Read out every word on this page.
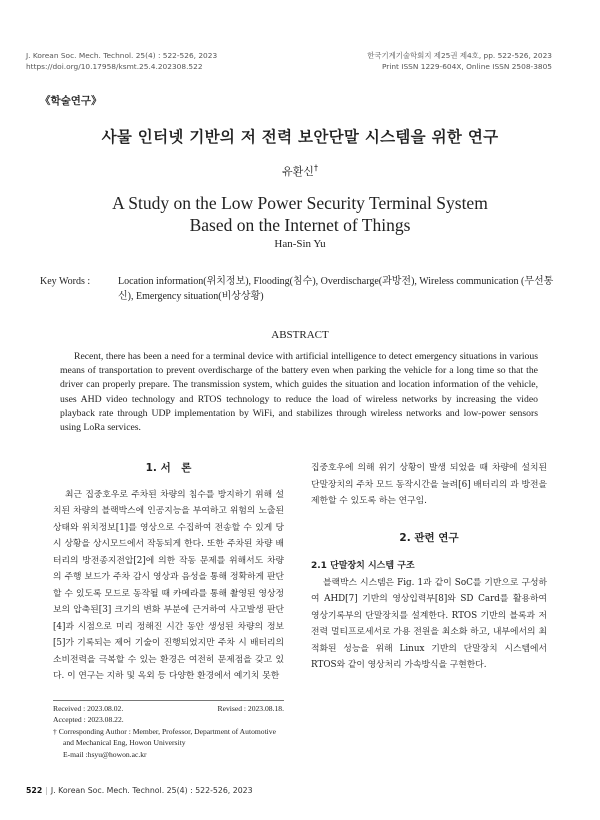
J. Korean Soc. Mech. Technol. 25(4) : 522-526, 2023
https://doi.org/10.17958/ksmt.25.4.202308.522
한국기계기술학회지 제25권 제4호, pp. 522-526, 2023
Print ISSN 1229-604X, Online ISSN 2508-3805
《학술연구》
사물 인터넷 기반의 저 전력 보안단말 시스템을 위한 연구
유환신†
A Study on the Low Power Security Terminal System
Based on the Internet of Things
Han-Sin Yu
Key Words :	Location information(위치정보), Flooding(침수), Overdischarge(과방전), Wireless communication (무선통신), Emergency situation(비상상황)
ABSTRACT

Recent, there has been a need for a terminal device with artificial intelligence to detect emergency situations in various means of transportation to prevent overdischarge of the battery even when parking the vehicle for a long time so that the driver can properly prepare. The transmission system, which guides the situation and location information of the vehicle, uses AHD video technology and RTOS technology to reduce the load of wireless networks by increasing the video playback rate through UDP implementation by WiFi, and stabilizes through wireless networks and low-power sensors using LoRa services.

1. 서　론

최근 집중호우로 주차된 차량의 침수를 방지하기 위해 설치된 차량의 블랙박스에 인공지능을 부여하고 위험의 노출된 상태와 위치정보[1]를 영상으로 수집하여 전송할 수 있게 당시 상황을 상시모드에서 작동되게 한다. 또한 주차된 차량 배터리의 방전종지전압[2]에 의한 작동 문제를 위해서도 차량의 주행 보드가 주차 감시 영상과 음성을 통해 정확하게 판단할 수 있도록 모드로 동작될 때 카메라를 통해 촬영된 영상정보의 압축된[3] 크기의 변화 부분에 근거하여 사고발생 판단[4]과 시점으로 미리 정해진 시간 동안 생성된 차량의 정보[5]가 기록되는 제어 기술이 진행되었지만 주차 시 배터리의 소비전력을 극복할 수 있는 환경은 여전히 문제점을 갖고 있다. 이 연구는 지하 및 옥외 등 다양한 환경에서 예기치 못한

Received : 2023.08.02.	Revised : 2023.08.18.
Accepted : 2023.08.22.
† Corresponding Author : Member, Professor, Department of Automotive and Mechanical Eng, Howon University
E-mail :hsyu@howon.ac.kr

집중호우에 의해 위기 상황이 발생 되었을 때 차량에 설치된 단말장치의 주차 모드 동작시간을 늘려[6] 배터리의 과 방전을 제한할 수 있도록 하는 연구임.

2. 관련 연구

2.1 단말장치 시스템 구조

블랙박스 시스템은 Fig. 1과 같이 SoC를 기반으로 구성하여 AHD[7] 기반의 영상입력부[8]와 SD Card를 활용하여 영상기록부의 단말장치를 설계한다. RTOS 기반의 블록과 저 전력 멀티프로세서로 가용 전원을 최소화 하고, 내부에서의 최적화된 성능을 위해 Linux 기반의 단말장치 시스템에서 RTOS와 같이 영상처리 가속방식을 구현한다.

522 | J. Korean Soc. Mech. Technol. 25(4) : 522-526, 2023
